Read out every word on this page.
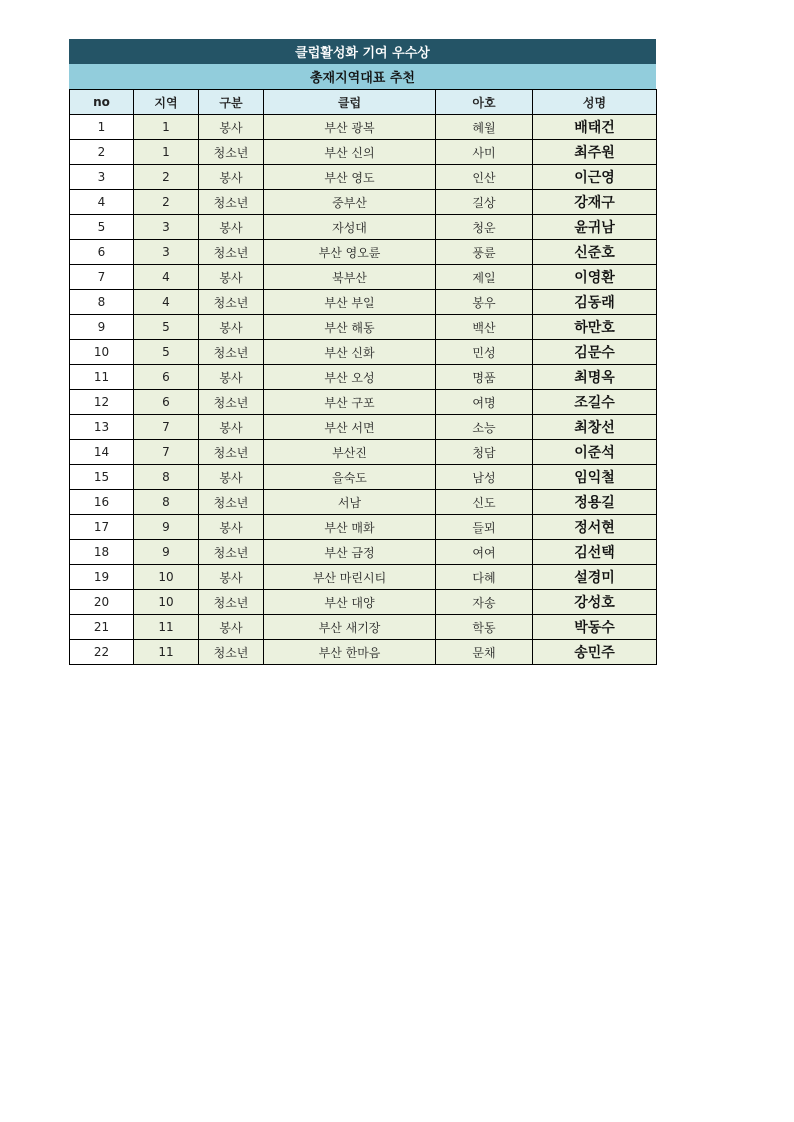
클럽활성화 기여 우수상
총재지역대표 추천
no	지역	구분	클럽	아호	성명
1	1	봉사	부산 광복	혜월	배태건
2	1	청소년	부산 신의	사미	최주원
3	2	봉사	부산 영도	인산	이근영
4	2	청소년	중부산	길상	강재구
5	3	봉사	자성대	청운	윤귀남
6	3	청소년	부산 영오륜	풍륜	신준호
7	4	봉사	북부산	제일	이영환
8	4	청소년	부산 부일	봉우	김동래
9	5	봉사	부산 해동	백산	하만호
10	5	청소년	부산 신화	민성	김문수
11	6	봉사	부산 오성	명품	최명옥
12	6	청소년	부산 구포	여명	조길수
13	7	봉사	부산 서면	소능	최창선
14	7	청소년	부산진	청담	이준석
15	8	봉사	을숙도	남성	임익철
16	8	청소년	서남	신도	정용길
17	9	봉사	부산 매화	들뫼	정서현
18	9	청소년	부산 금정	여여	김선택
19	10	봉사	부산 마린시티	다혜	설경미
20	10	청소년	부산 대양	자송	강성호
21	11	봉사	부산 새기장	학동	박동수
22	11	청소년	부산 한마음	문채	송민주
